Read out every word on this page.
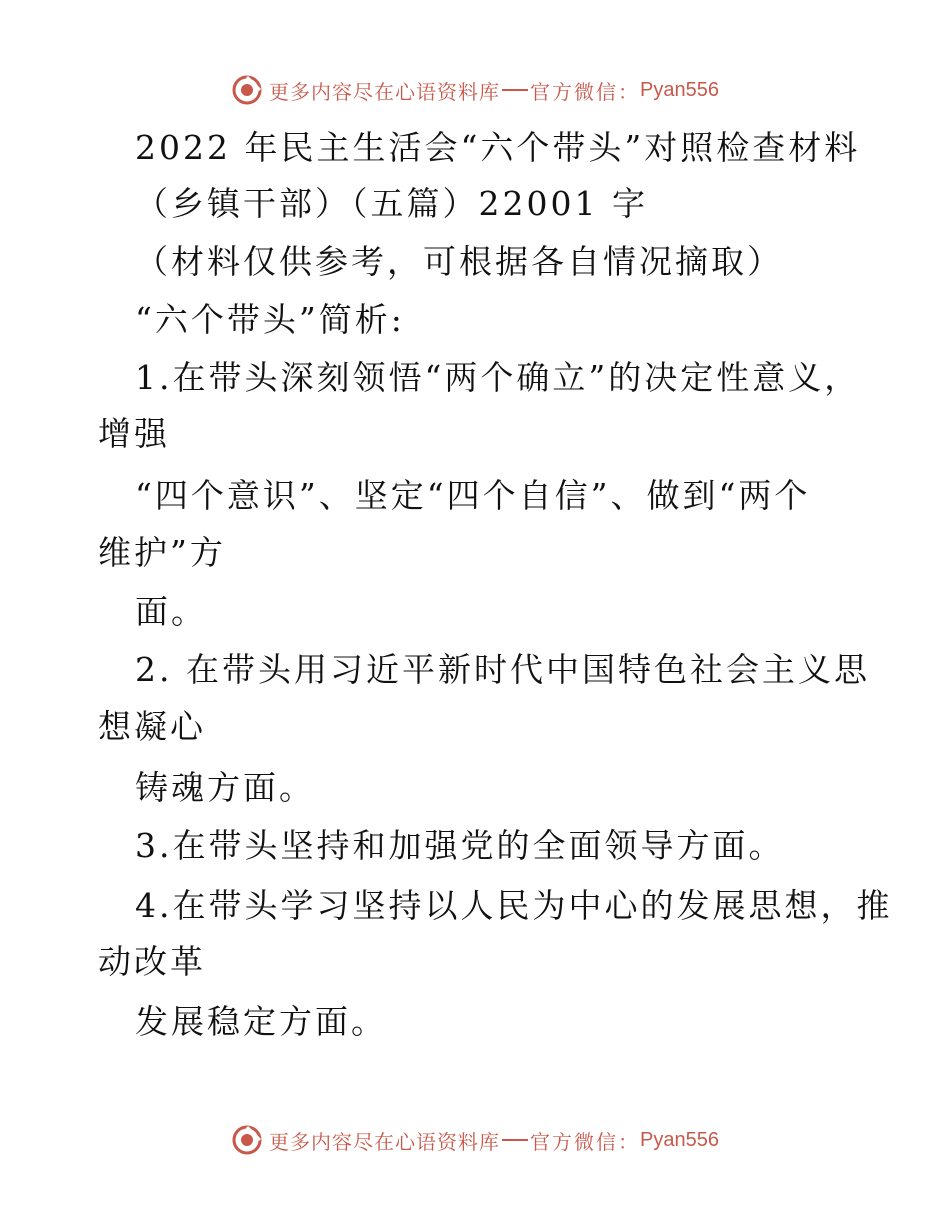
更多内容尽在心语资料库 官方微信： Pyan556

2022 年民主生活会“六个带头”对照检查材料

（乡镇干部）（五篇）22001 字

（材料仅供参考，可根据各自情况摘取）

“六个带头”简析:

1.在带头深刻领悟“两个确立”的决定性意义，

增强

“四个意识”、坚定“四个自信”、做到“两个

维护”方

面。

2. 在带头用习近平新时代中国特色社会主义思

想凝心

铸魂方面。

3.在带头坚持和加强党的全面领导方面。

4.在带头学习坚持以人民为中心的发展思想，推

动改革

发展稳定方面。

更多内容尽在心语资料库 官方微信： Pyan556
